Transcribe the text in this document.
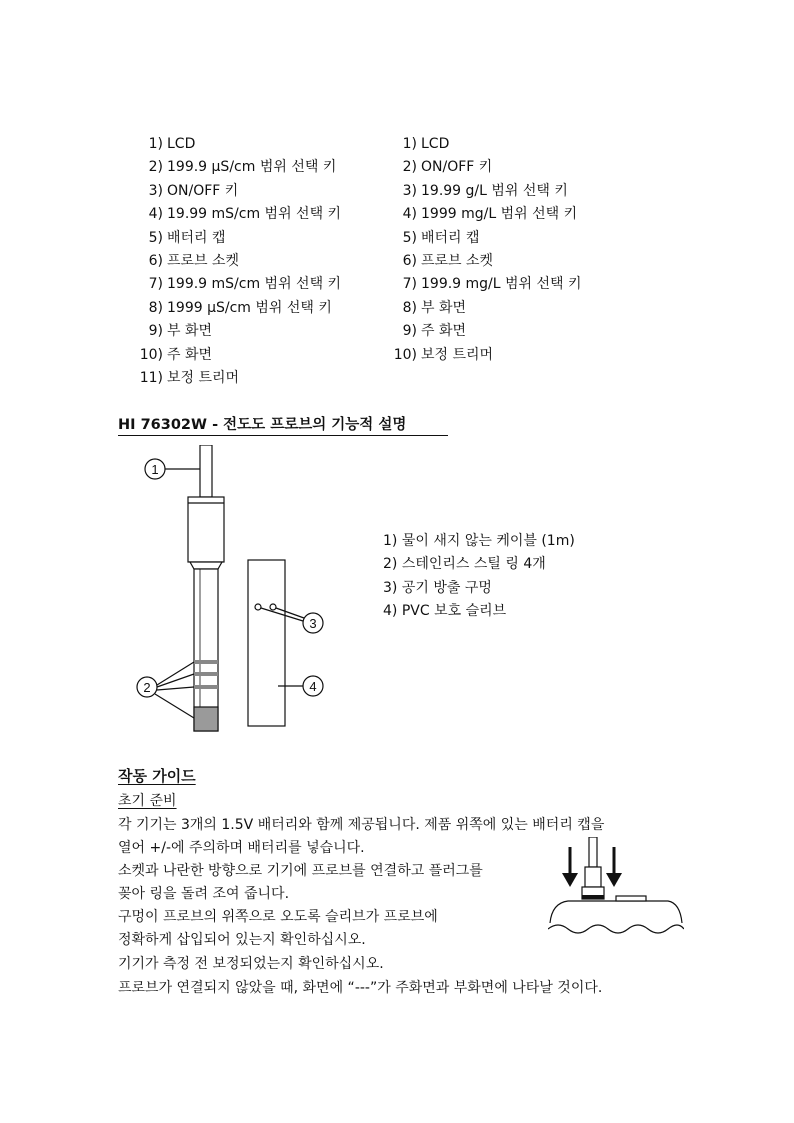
1) LCD
2) 199.9 μS/cm 범위 선택 키
3) ON/OFF 키
4) 19.99 mS/cm 범위 선택 키
5) 배터리 캡
6) 프로브 소켓
7) 199.9 mS/cm 범위 선택 키
8) 1999 μS/cm 범위 선택 키
9) 부 화면
10) 주 화면
11) 보정 트리머
1) LCD
2) ON/OFF 키
3) 19.99 g/L 범위 선택 키
4) 1999 mg/L 범위 선택 키
5) 배터리 캡
6) 프로브 소켓
7) 199.9 mg/L 범위 선택 키
8) 부 화면
9) 주 화면
10) 보정 트리머
HI 76302W - 전도도 프로브의 기능적 설명
1
2
3
4
1) 물이 새지 않는 케이블 (1m)
2) 스테인리스 스틸 링 4개
3) 공기 방출 구멍
4) PVC 보호 슬리브
작동 가이드
초기 준비
각 기기는 3개의 1.5V 배터리와 함께 제공됩니다. 제품 위쪽에 있는 배터리 캡을
열어 +/-에 주의하며 배터리를 넣습니다.
소켓과 나란한 방향으로 기기에 프로브를 연결하고 플러그를
꽂아 링을 돌려 조여 줍니다.
구멍이 프로브의 위쪽으로 오도록 슬리브가 프로브에
정확하게 삽입되어 있는지 확인하십시오.
기기가 측정 전 보정되었는지 확인하십시오.
프로브가 연결되지 않았을 때, 화면에 “---”가 주화면과 부화면에 나타날 것이다.
